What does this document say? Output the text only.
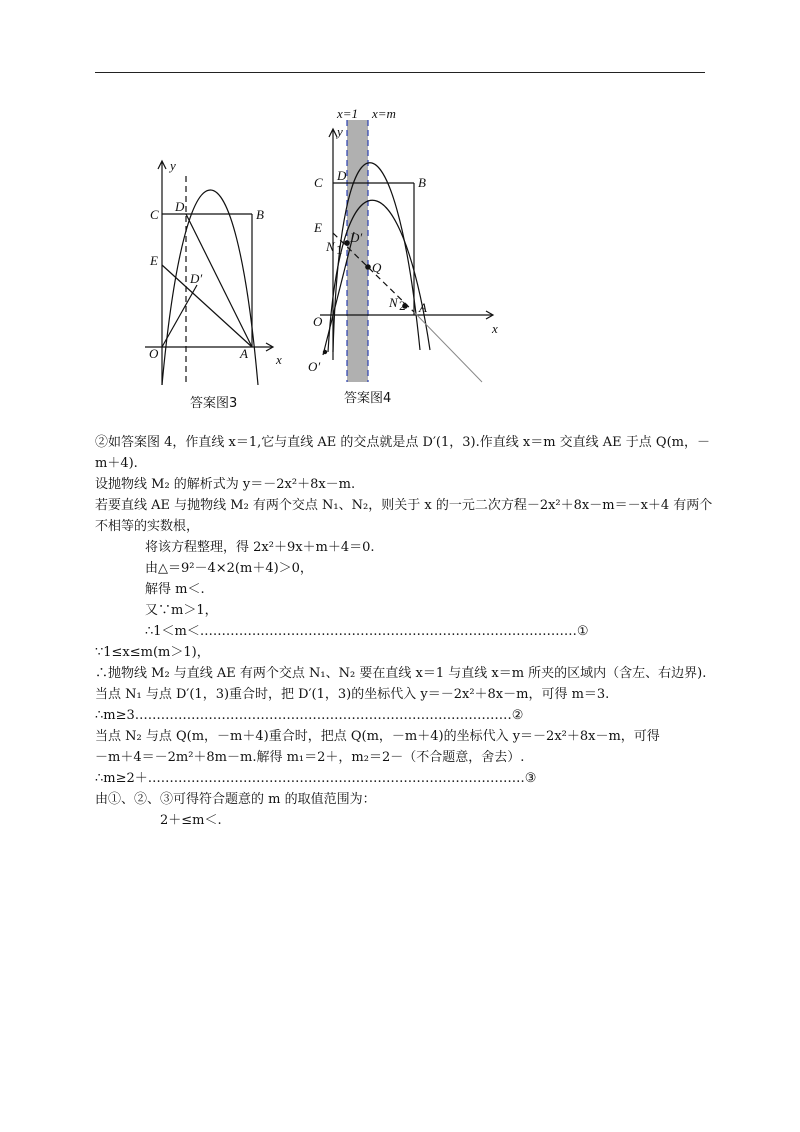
y
x
O	A
B
C
D
E
D′
答案图3
x=1 x=m
y
x
O
O′
A
B
C D
E
D′
N 1
Q
N 2
答案图4
②如答案图 4，作直线 x＝1,它与直线 AE 的交点就是点 D′(1，3).作直线 x＝m 交直线 AE 于点 Q(m，－
m＋4).
设抛物线 M₂ 的解析式为 y＝－2x²＋8x－m.
若要直线 AE 与抛物线 M₂ 有两个交点 N₁、N₂，则关于 x 的一元二次方程－2x²＋8x－m＝－x＋4 有两个
不相等的实数根，
将该方程整理，得 2x²＋9x＋m＋4＝0.
由△＝9²－4×2(m＋4)＞0，
解得 m＜.
又∵m＞1，
∴1＜m＜……………………………………………………………………………①
∵1≤x≤m(m＞1)，
∴抛物线 M₂ 与直线 AE 有两个交点 N₁、N₂ 要在直线 x＝1 与直线 x＝m 所夹的区域内（含左、右边界).
当点 N₁ 与点 D′(1，3)重合时，把 D′(1，3)的坐标代入 y＝－2x²＋8x－m，可得 m＝3.
∴m≥3……………………………………………………………………………②
当点 N₂ 与点 Q(m，－m＋4)重合时，把点 Q(m，－m＋4)的坐标代入 y＝－2x²＋8x－m，可得
－m＋4＝－2m²＋8m－m.解得 m₁＝2＋，m₂＝2－（不合题意，舍去）.
∴m≥2＋……………………………………………………………………………③
由①、②、③可得符合题意的 m 的取值范围为：
2＋≤m＜.
